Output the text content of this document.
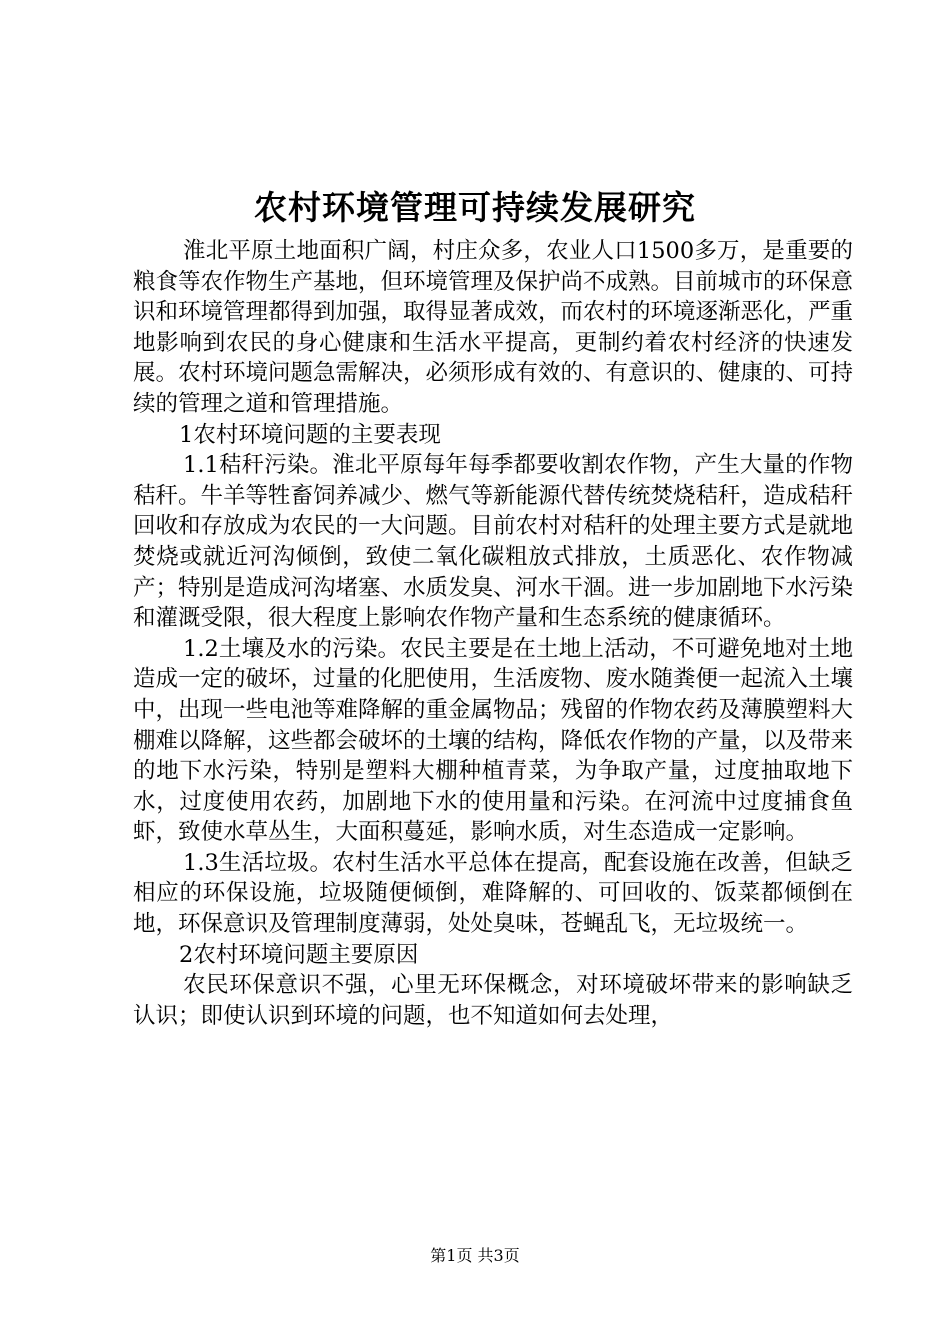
农村环境管理可持续发展研究

淮北平原土地面积广阔，村庄众多，农业人口1500多万，是重要的粮食等农作物生产基地，但环境管理及保护尚不成熟。目前城市的环保意识和环境管理都得到加强，取得显著成效，而农村的环境逐渐恶化，严重地影响到农民的身心健康和生活水平提高，更制约着农村经济的快速发展。农村环境问题急需解决，必须形成有效的、有意识的、健康的、可持续的管理之道和管理措施。

1农村环境问题的主要表现

1.1秸秆污染。淮北平原每年每季都要收割农作物，产生大量的作物秸秆。牛羊等牲畜饲养减少、燃气等新能源代替传统焚烧秸秆，造成秸秆回收和存放成为农民的一大问题。目前农村对秸秆的处理主要方式是就地焚烧或就近河沟倾倒，致使二氧化碳粗放式排放，土质恶化、农作物减产；特别是造成河沟堵塞、水质发臭、河水干涸。进一步加剧地下水污染和灌溉受限，很大程度上影响农作物产量和生态系统的健康循环。

1.2土壤及水的污染。农民主要是在土地上活动，不可避免地对土地造成一定的破坏，过量的化肥使用，生活废物、废水随粪便一起流入土壤中，出现一些电池等难降解的重金属物品；残留的作物农药及薄膜塑料大棚难以降解，这些都会破坏的土壤的结构，降低农作物的产量，以及带来的地下水污染，特别是塑料大棚种植青菜，为争取产量，过度抽取地下水，过度使用农药，加剧地下水的使用量和污染。在河流中过度捕食鱼虾，致使水草丛生，大面积蔓延，影响水质，对生态造成一定影响。

1.3生活垃圾。农村生活水平总体在提高，配套设施在改善，但缺乏相应的环保设施，垃圾随便倾倒，难降解的、可回收的、饭菜都倾倒在地，环保意识及管理制度薄弱，处处臭味，苍蝇乱飞，无垃圾统一。

2农村环境问题主要原因

农民环保意识不强，心里无环保概念，对环境破坏带来的影响缺乏认识；即使认识到环境的问题，也不知道如何去处理，

第1页 共3页
